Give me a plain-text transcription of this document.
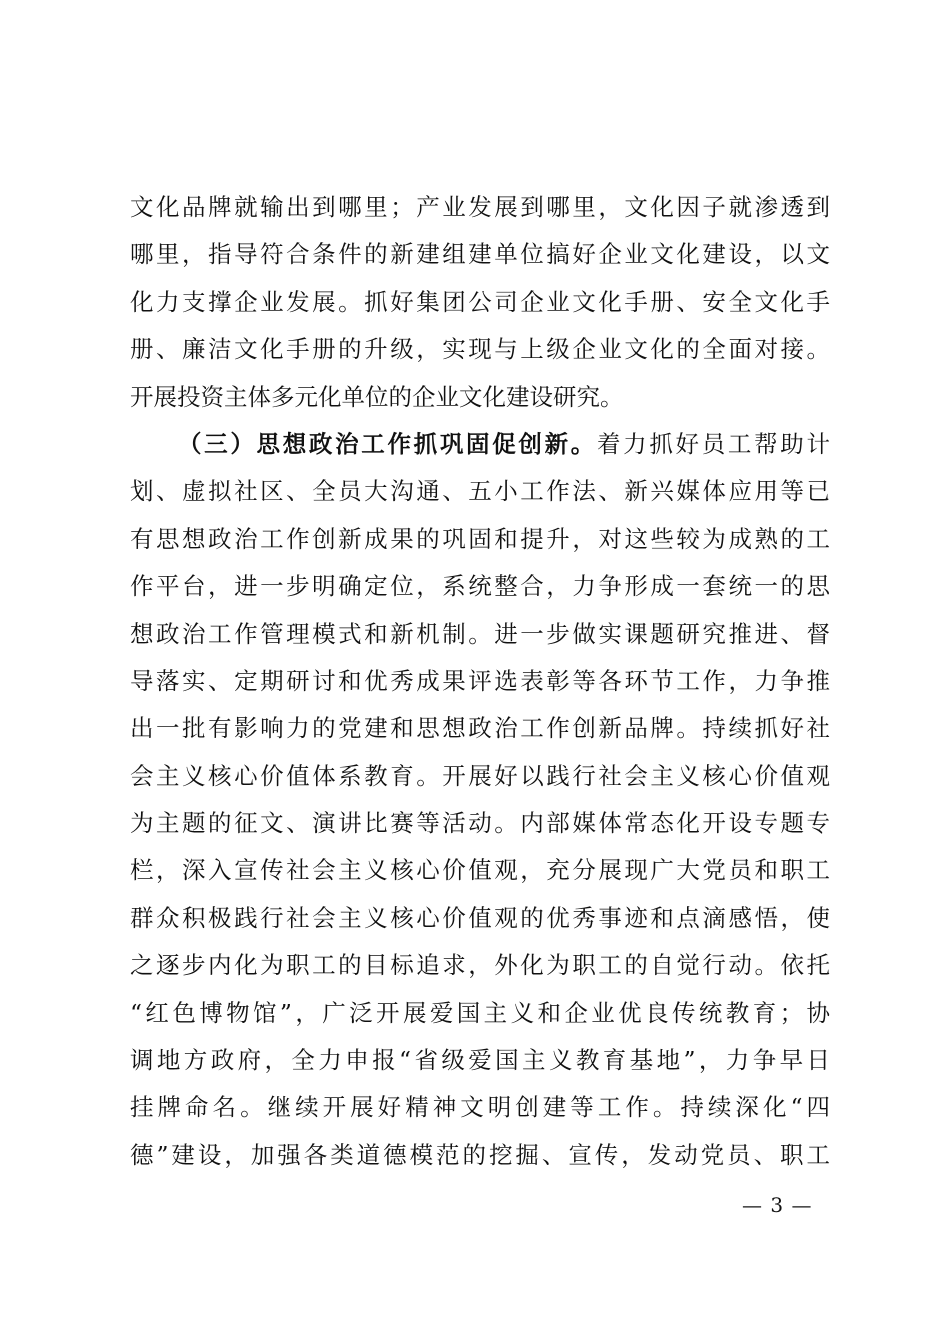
文化品牌就输出到哪里；产业发展到哪里，文化因子就渗透到
哪里，指导符合条件的新建组建单位搞好企业文化建设，以文
化力支撑企业发展。抓好集团公司企业文化手册、安全文化手
册、廉洁文化手册的升级，实现与上级企业文化的全面对接。
开展投资主体多元化单位的企业文化建设研究。
（三）思想政治工作抓巩固促创新。着力抓好员工帮助计
划、虚拟社区、全员大沟通、五小工作法、新兴媒体应用等已
有思想政治工作创新成果的巩固和提升，对这些较为成熟的工
作平台，进一步明确定位，系统整合，力争形成一套统一的思
想政治工作管理模式和新机制。进一步做实课题研究推进、督
导落实、定期研讨和优秀成果评选表彰等各环节工作，力争推
出一批有影响力的党建和思想政治工作创新品牌。持续抓好社
会主义核心价值体系教育。开展好以践行社会主义核心价值观
为主题的征文、演讲比赛等活动。内部媒体常态化开设专题专
栏，深入宣传社会主义核心价值观，充分展现广大党员和职工
群众积极践行社会主义核心价值观的优秀事迹和点滴感悟，使
之逐步内化为职工的目标追求，外化为职工的自觉行动。依托
“红色博物馆”，广泛开展爱国主义和企业优良传统教育；协
调地方政府，全力申报“省级爱国主义教育基地”，力争早日
挂牌命名。继续开展好精神文明创建等工作。持续深化“四
德”建设，加强各类道德模范的挖掘、宣传，发动党员、职工
— 3 —
